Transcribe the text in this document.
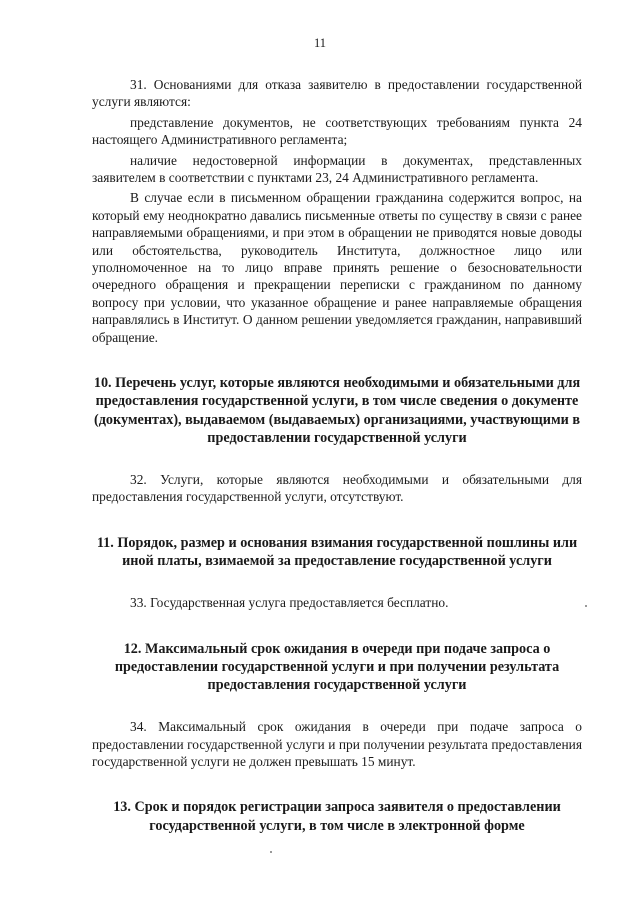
11

31. Основаниями для отказа заявителю в предоставлении государственной услуги являются:

представление документов, не соответствующих требованиям пункта 24 настоящего Административного регламента;

наличие недостоверной информации в документах, представленных заявителем в соответствии с пунктами 23, 24 Административного регламента.

В случае если в письменном обращении гражданина содержится вопрос, на который ему неоднократно давались письменные ответы по существу в связи с ранее направляемыми обращениями, и при этом в обращении не приводятся новые доводы или обстоятельства, руководитель Института, должностное лицо или уполномоченное на то лицо вправе принять решение о безосновательности очередного обращения и прекращении переписки с гражданином по данному вопросу при условии, что указанное обращение и ранее направляемые обращения направлялись в Институт. О данном решении уведомляется гражданин, направивший обращение.

10. Перечень услуг, которые являются необходимыми и обязательными для предоставления государственной услуги, в том числе сведения о документе (документах), выдаваемом (выдаваемых) организациями, участвующими в предоставлении государственной услуги

32. Услуги, которые являются необходимыми и обязательными для предоставления государственной услуги, отсутствуют.

11. Порядок, размер и основания взимания государственной пошлины или иной платы, взимаемой за предоставление государственной услуги

33. Государственная услуга предоставляется бесплатно.

12. Максимальный срок ожидания в очереди при подаче запроса о предоставлении государственной услуги и при получении результата предоставления государственной услуги

34. Максимальный срок ожидания в очереди при подаче запроса о предоставлении государственной услуги и при получении результата предоставления государственной услуги не должен превышать 15 минут.

13. Срок и порядок регистрации запроса заявителя о предоставлении государственной услуги, в том числе в электронной форме
